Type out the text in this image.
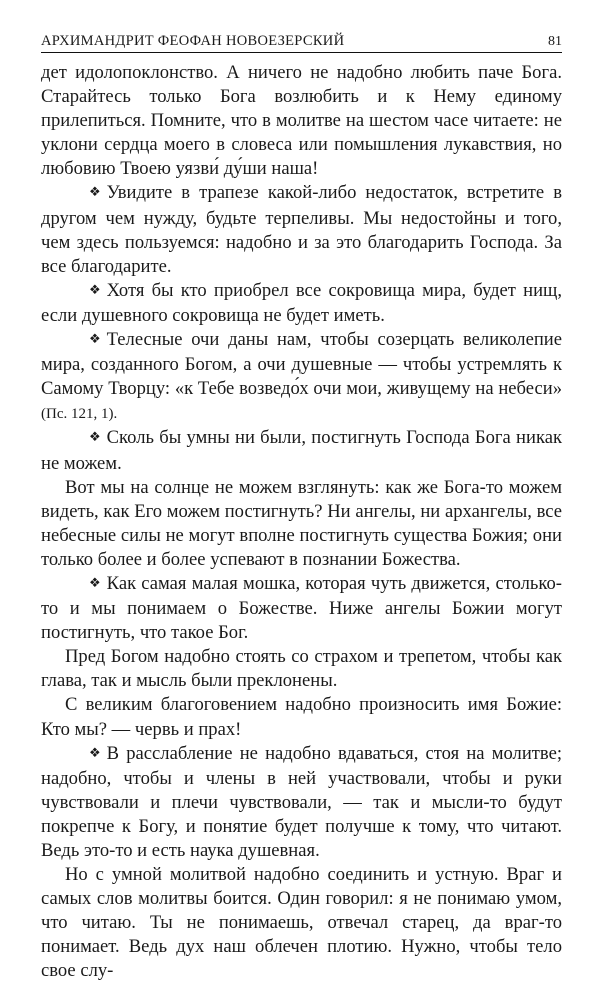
АРХИМАНДРИТ ФЕОФАН НОВОЕЗЕРСКИЙ	81

дет идолопоклонство. А ничего не надобно любить паче Бога. Старайтесь только Бога возлюбить и к Нему единому прилепиться. Помните, что в молитве на шестом часе читаете: не уклони сердца моего в словеса или помышления лукавствия, но любовию Твоею уязви́ ду́ши наша!

❖ Увидите в трапезе какой-либо недостаток, встретите в другом чем нужду, будьте терпеливы. Мы недостойны и того, чем здесь пользуемся: надобно и за это благодарить Господа. За все благодарите.

❖ Хотя бы кто приобрел все сокровища мира, будет нищ, если душевного сокровища не будет иметь.

❖ Телесные очи даны нам, чтобы созерцать великолепие мира, созданного Богом, а очи душевные — чтобы устремлять к Самому Творцу: «к Тебе возведо́х очи мои, живущему на небеси» (Пс. 121, 1).

❖ Сколь бы умны ни были, постигнуть Господа Бога никак не можем.

Вот мы на солнце не можем взглянуть: как же Бога-то можем видеть, как Его можем постигнуть? Ни ангелы, ни архангелы, все небесные силы не могут вполне постигнуть существа Божия; они только более и более успевают в познании Божества.

❖ Как самая малая мошка, которая чуть движется, столько-то и мы понимаем о Божестве. Ниже ангелы Божии могут постигнуть, что такое Бог.

Пред Богом надобно стоять со страхом и трепетом, чтобы как глава, так и мысль были преклонены.

С великим благоговением надобно произносить имя Божие: Кто мы? — червь и прах!

❖ В расслабление не надобно вдаваться, стоя на молитве; надобно, чтобы и члены в ней участвовали, чтобы и руки чувствовали и плечи чувствовали, — так и мысли-то будут покрепче к Богу, и понятие будет получше к тому, что читают. Ведь это-то и есть наука душевная.

Но с умной молитвой надобно соединить и устную. Враг и самых слов молитвы боится. Один говорил: я не понимаю умом, что читаю. Ты не понимаешь, отвечал старец, да враг-то понимает. Ведь дух наш облечен плотию. Нужно, чтобы тело свое слу-
